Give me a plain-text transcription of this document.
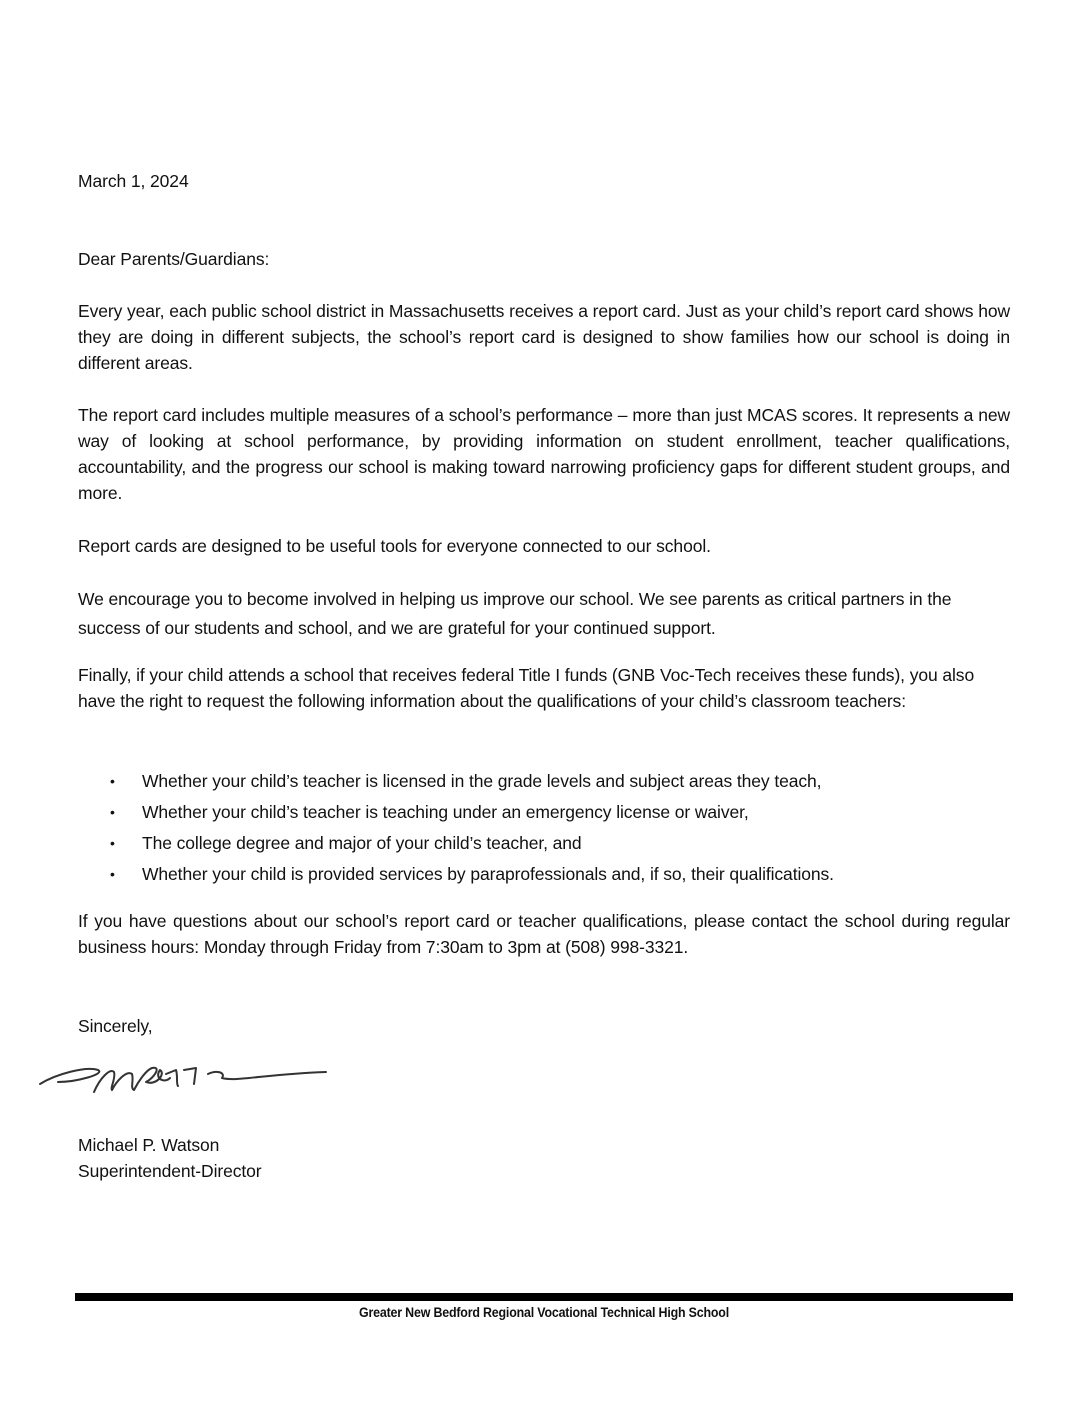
March 1, 2024
Dear Parents/Guardians:

Every year, each public school district in Massachusetts receives a report card. Just as your child’s report card shows how they are doing in different subjects, the school’s report card is designed to show families how our school is doing in different areas.

The report card includes multiple measures of a school’s performance – more than just MCAS scores. It represents a new way of looking at school performance, by providing information on student enrollment, teacher qualifications, accountability, and the progress our school is making toward narrowing proficiency gaps for different student groups, and more.

Report cards are designed to be useful tools for everyone connected to our school.

We encourage you to become involved in helping us improve our school. We see parents as critical partners in the success of our students and school, and we are grateful for your continued support.

Finally, if your child attends a school that receives federal Title I funds (GNB Voc-Tech receives these funds), you also have the right to request the following information about the qualifications of your child’s classroom teachers:

• Whether your child’s teacher is licensed in the grade levels and subject areas they teach,
• Whether your child’s teacher is teaching under an emergency license or waiver,
• The college degree and major of your child’s teacher, and
• Whether your child is provided services by paraprofessionals and, if so, their qualifications.

If you have questions about our school’s report card or teacher qualifications, please contact the school during regular business hours: Monday through Friday from 7:30am to 3pm at (508) 998-3321.

Sincerely,
Michael P. Watson
Superintendent-Director
Greater New Bedford Regional Vocational Technical High School
